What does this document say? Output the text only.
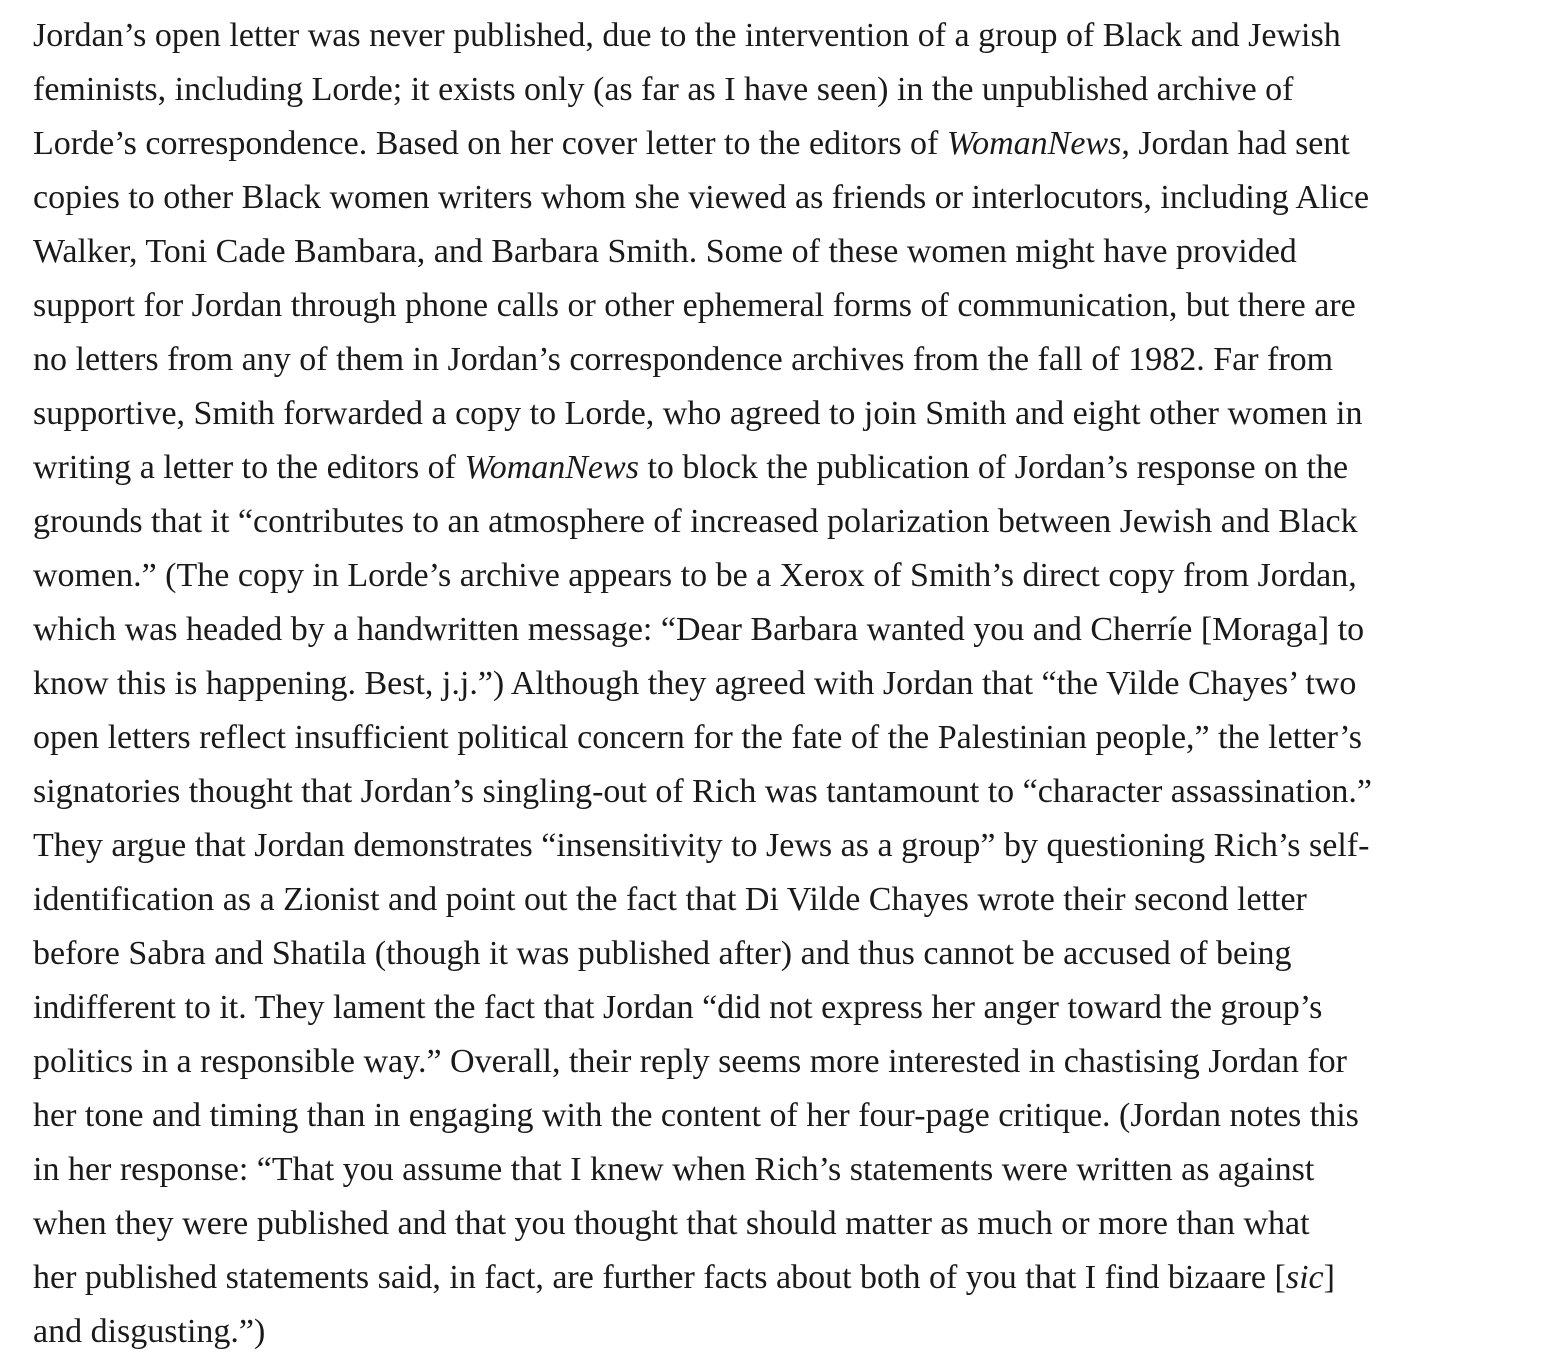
Jordan’s open letter was never published, due to the intervention of a group of Black and Jewish
feminists, including Lorde; it exists only (as far as I have seen) in the unpublished archive of
Lorde’s correspondence. Based on her cover letter to the editors of WomanNews, Jordan had sent
copies to other Black women writers whom she viewed as friends or interlocutors, including Alice
Walker, Toni Cade Bambara, and Barbara Smith. Some of these women might have provided
support for Jordan through phone calls or other ephemeral forms of communication, but there are
no letters from any of them in Jordan’s correspondence archives from the fall of 1982. Far from
supportive, Smith forwarded a copy to Lorde, who agreed to join Smith and eight other women in
writing a letter to the editors of WomanNews to block the publication of Jordan’s response on the
grounds that it “contributes to an atmosphere of increased polarization between Jewish and Black
women.” (The copy in Lorde’s archive appears to be a Xerox of Smith’s direct copy from Jordan,
which was headed by a handwritten message: “Dear Barbara wanted you and Cherríe [Moraga] to
know this is happening. Best, j.j.”) Although they agreed with Jordan that “the Vilde Chayes’ two
open letters reflect insufficient political concern for the fate of the Palestinian people,” the letter’s
signatories thought that Jordan’s singling-out of Rich was tantamount to “character assassination.”
They argue that Jordan demonstrates “insensitivity to Jews as a group” by questioning Rich’s self-
identification as a Zionist and point out the fact that Di Vilde Chayes wrote their second letter
before Sabra and Shatila (though it was published after) and thus cannot be accused of being
indifferent to it. They lament the fact that Jordan “did not express her anger toward the group’s
politics in a responsible way.” Overall, their reply seems more interested in chastising Jordan for
her tone and timing than in engaging with the content of her four-page critique. (Jordan notes this
in her response: “That you assume that I knew when Rich’s statements were written as against
when they were published and that you thought that should matter as much or more than what
her published statements said, in fact, are further facts about both of you that I find bizaare [sic]
and disgusting.”)
